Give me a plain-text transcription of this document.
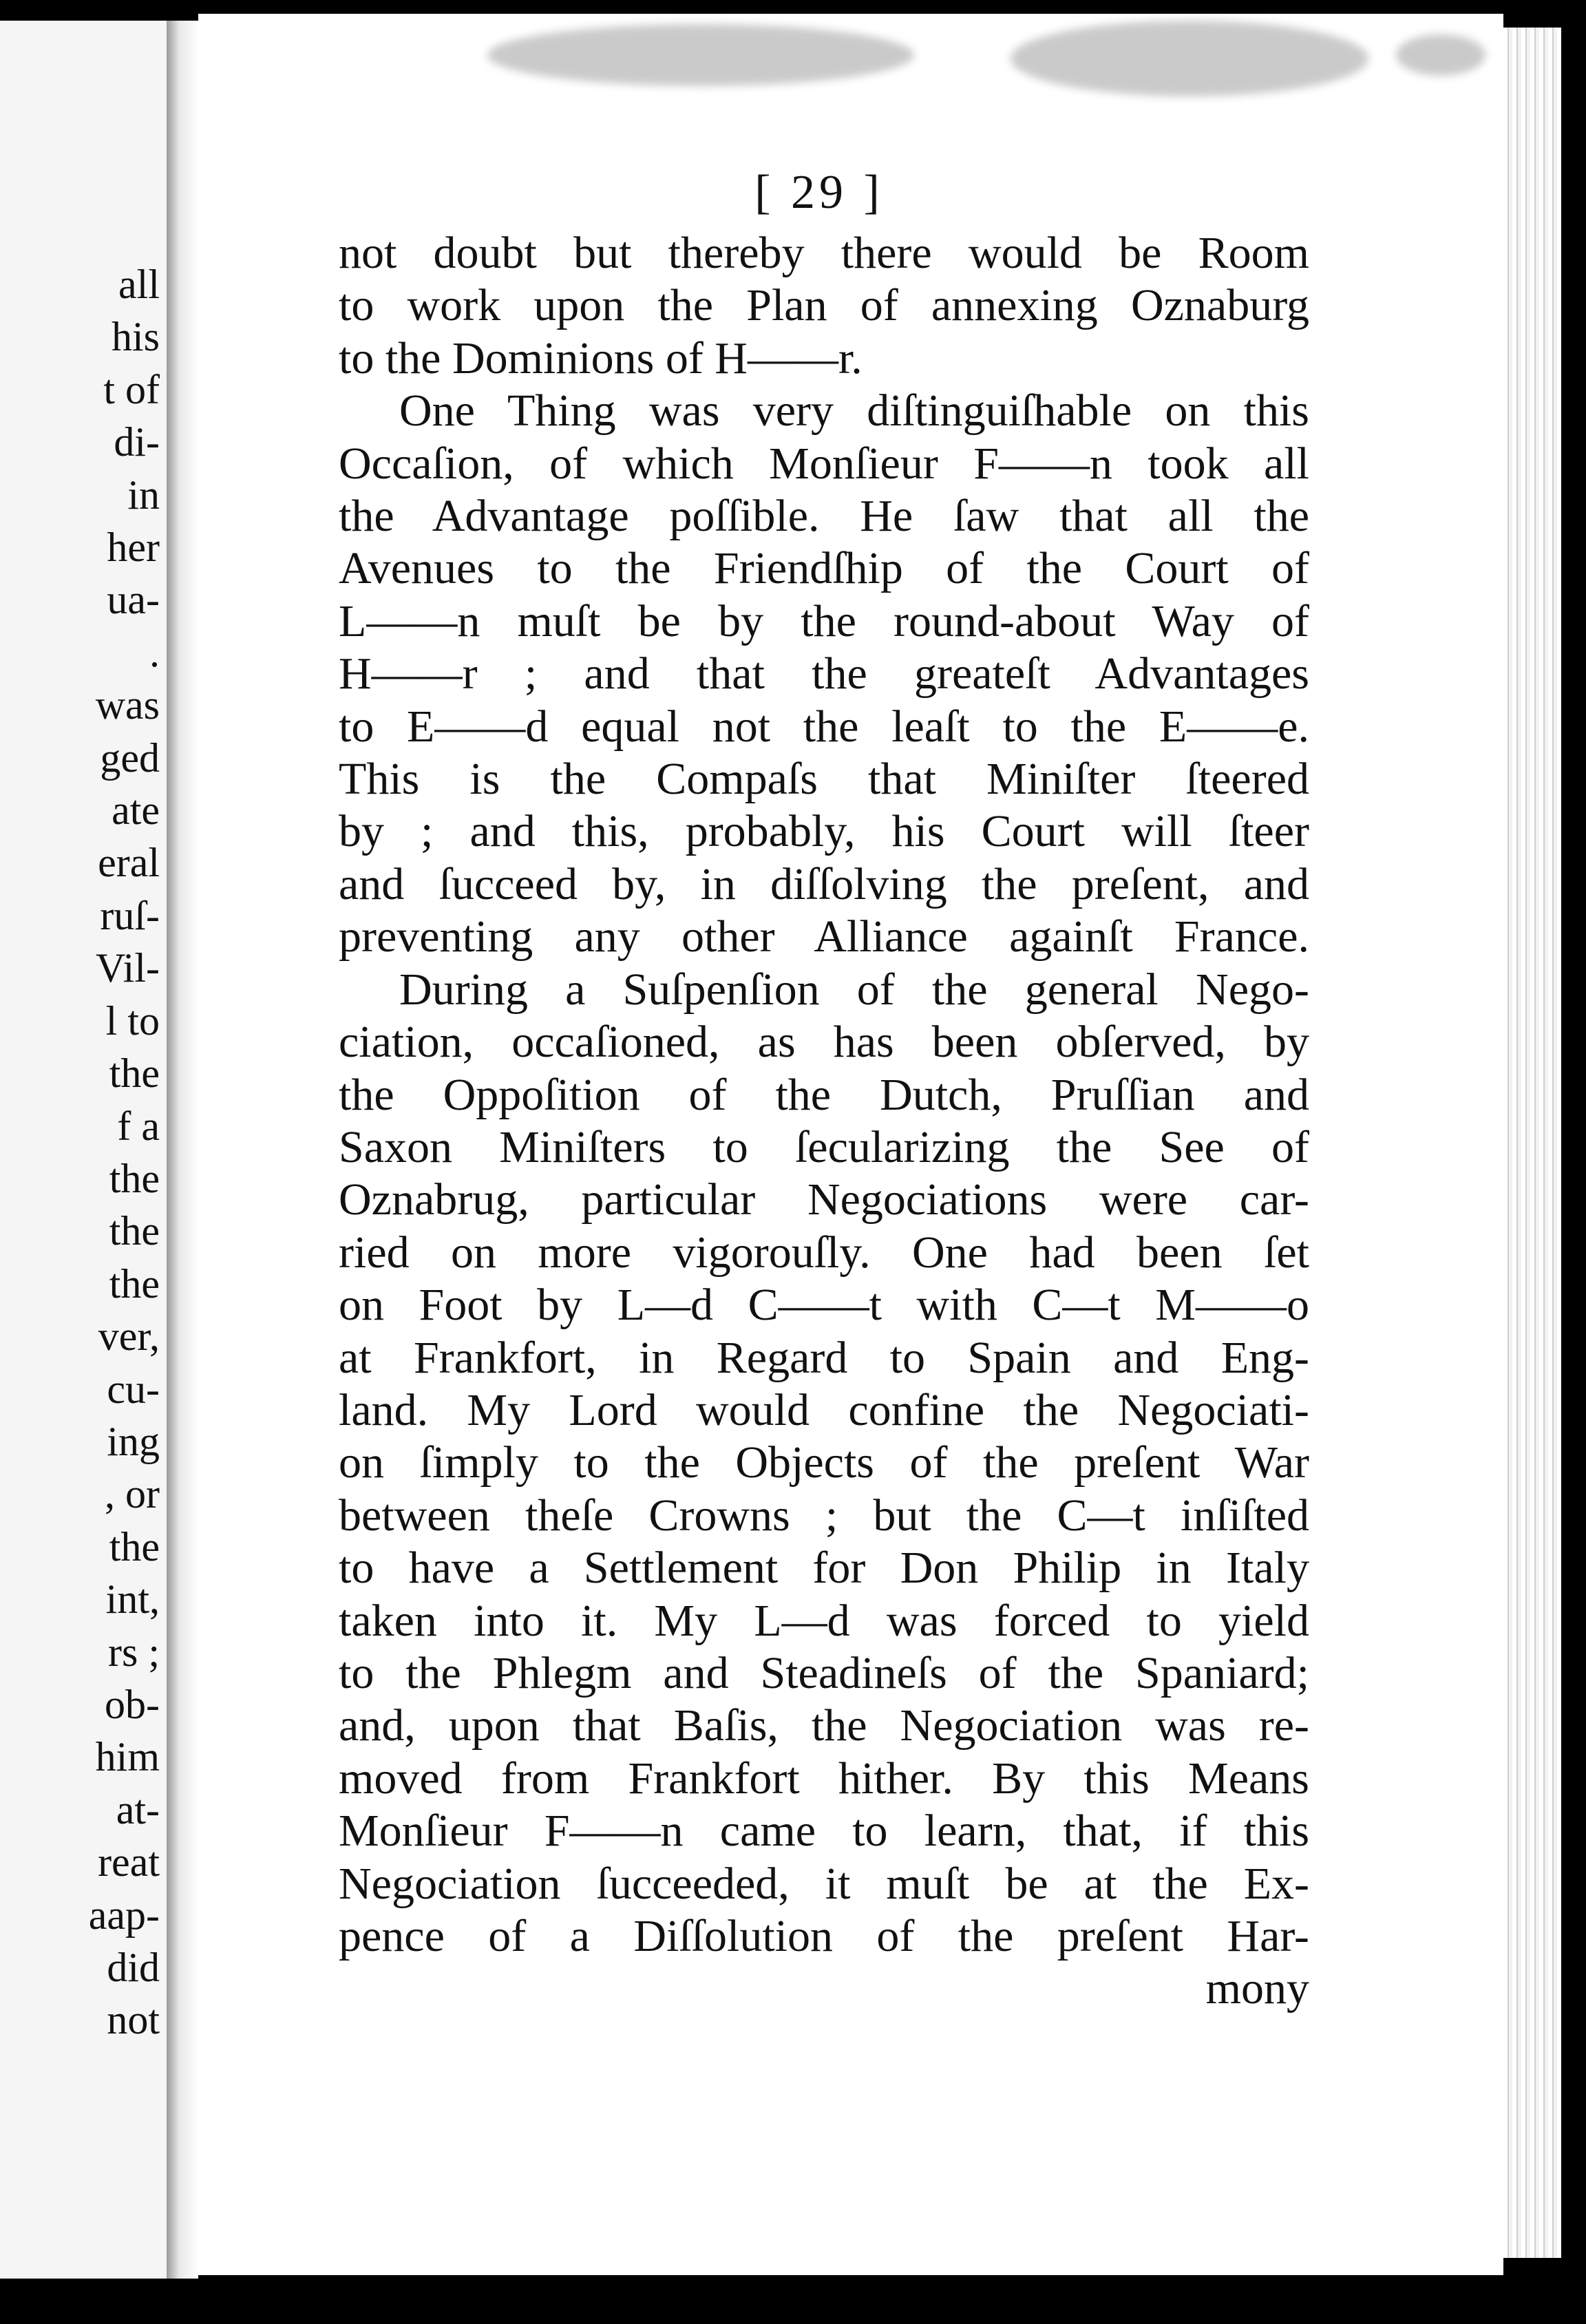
all
his
t of
di-
in
her
ua-
.
was
ged
ate
eral
ruſ-
Vil-
l to
the
f a
the
the
the
ver,
cu-
ing
, or
the
int,
rs ;
ob-
him
at-
reat
aap-
did
not
[ 29 ]
not doubt but thereby there would be Room
to work upon the Plan of annexing Oznaburg
to the Dominions of H——r.
One Thing was very diſtinguiſhable on this
Occaſion, of which Monſieur F——n took all
the Advantage poſſible. He ſaw that all the
Avenues to the Friendſhip of the Court of
L——n muſt be by the round-about Way of
H——r ; and that the greateſt Advantages
to E——d equal not the leaſt to the E——e.
This is the Compaſs that Miniſter ſteered
by ; and this, probably, his Court will ſteer
and ſucceed by, in diſſolving the preſent, and
preventing any other Alliance againſt France.
During a Suſpenſion of the general Nego-
ciation, occaſioned, as has been obſerved, by
the Oppoſition of the Dutch, Pruſſian and
Saxon Miniſters to ſecularizing the See of
Oznabrug, particular Negociations were car-
ried on more vigorouſly. One had been ſet
on Foot by L—d C——t with C—t M——o
at Frankfort, in Regard to Spain and Eng-
land. My Lord would confine the Negociati-
on ſimply to the Objects of the preſent War
between theſe Crowns ; but the C—t inſiſted
to have a Settlement for Don Philip in Italy
taken into it. My L—d was forced to yield
to the Phlegm and Steadineſs of the Spaniard;
and, upon that Baſis, the Negociation was re-
moved from Frankfort hither. By this Means
Monſieur F——n came to learn, that, if this
Negociation ſucceeded, it muſt be at the Ex-
pence of a Diſſolution of the preſent Har-
mony
